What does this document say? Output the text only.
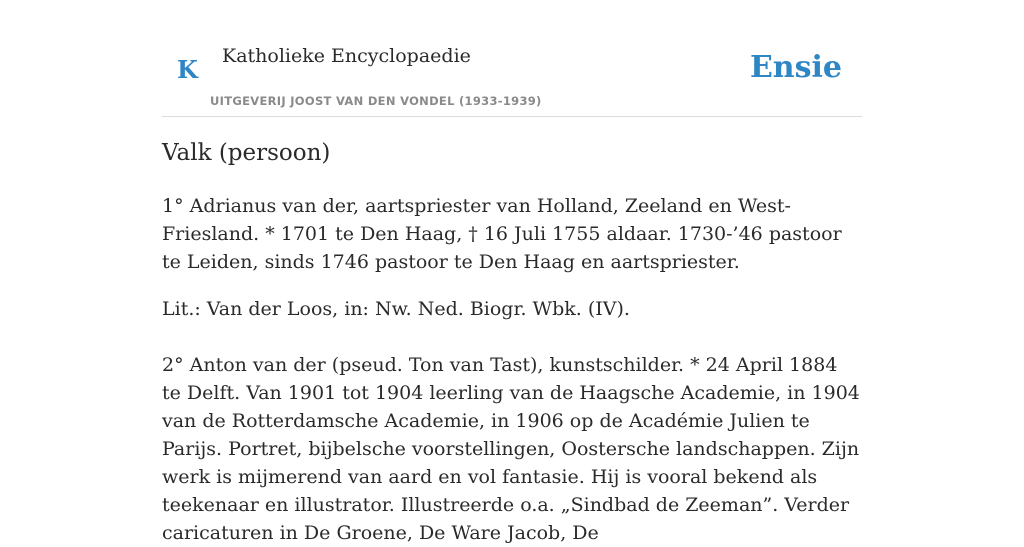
K Katholieke Encyclopaedie
UITGEVERIJ JOOST VAN DEN VONDEL (1933-1939)
Ensie
Valk (persoon)

1° Adrianus van der, aartspriester van Holland, Zeeland en West-Friesland. * 1701 te Den Haag, † 16 Juli 1755 aldaar. 1730-’46 pastoor te Leiden, sinds 1746 pastoor te Den Haag en aartspriester.

Lit.: Van der Loos, in: Nw. Ned. Biogr. Wbk. (IV).

2° Anton van der (pseud. Ton van Tast), kunstschilder. * 24 April 1884 te Delft. Van 1901 tot 1904 leerling van de Haagsche Academie, in 1904 van de Rotterdamsche Academie, in 1906 op de Académie Julien te Parijs. Portret, bijbelsche voorstellingen, Oostersche landschappen. Zijn werk is mijmerend van aard en vol fantasie. Hij is vooral bekend als teekenaar en illustrator. Illustreerde o.a. „Sindbad de Zeeman”. Verder caricaturen in De Groene, De Ware Jacob, De
